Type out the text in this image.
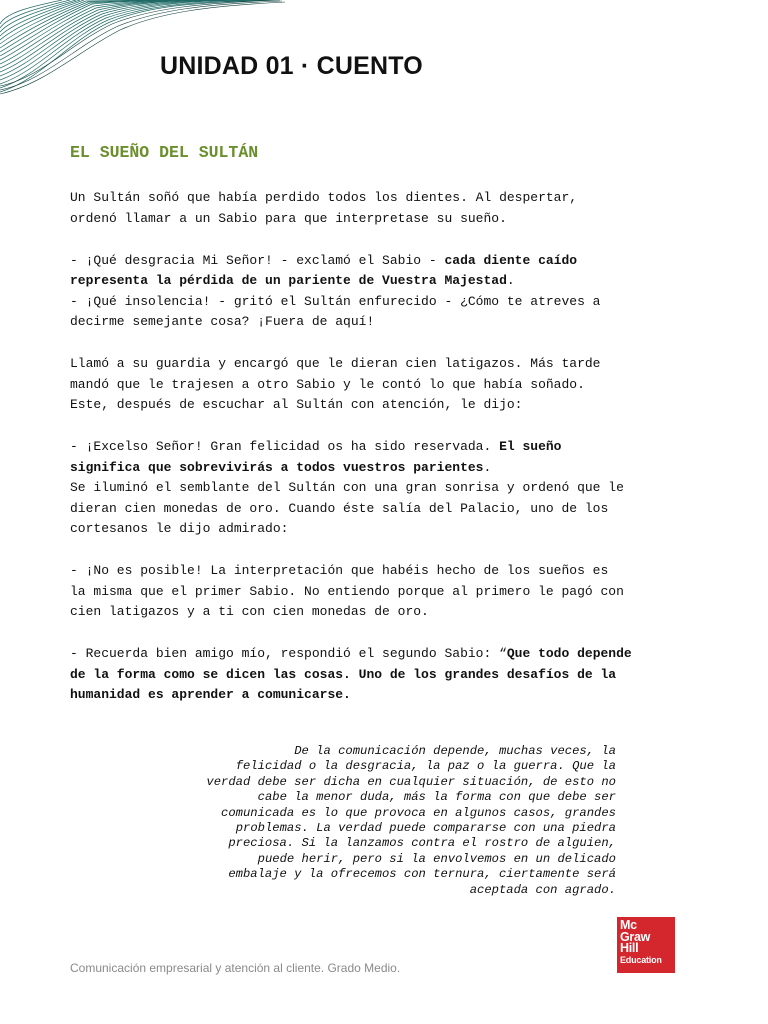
UNIDAD 01 · CUENTO
EL SUEÑO DEL SULTÁN

Un Sultán soñó que había perdido todos los dientes. Al despertar,
ordenó llamar a un Sabio para que interpretase su sueño.

- ¡Qué desgracia Mi Señor! - exclamó el Sabio - cada diente caído
representa la pérdida de un pariente de Vuestra Majestad.
- ¡Qué insolencia! - gritó el Sultán enfurecido - ¿Cómo te atreves a
decirme semejante cosa? ¡Fuera de aquí!

Llamó a su guardia y encargó que le dieran cien latigazos. Más tarde
mandó que le trajesen a otro Sabio y le contó lo que había soñado.
Este, después de escuchar al Sultán con atención, le dijo:

- ¡Excelso Señor! Gran felicidad os ha sido reservada. El sueño
significa que sobrevivirás a todos vuestros parientes.
Se iluminó el semblante del Sultán con una gran sonrisa y ordenó que le
dieran cien monedas de oro. Cuando éste salía del Palacio, uno de los
cortesanos le dijo admirado:

- ¡No es posible! La interpretación que habéis hecho de los sueños es
la misma que el primer Sabio. No entiendo porque al primero le pagó con
cien latigazos y a ti con cien monedas de oro.

- Recuerda bien amigo mío, respondió el segundo Sabio: “Que todo depende
de la forma como se dicen las cosas. Uno de los grandes desafíos de la
humanidad es aprender a comunicarse.

De la comunicación depende, muchas veces, la
felicidad o la desgracia, la paz o la guerra. Que la
verdad debe ser dicha en cualquier situación, de esto no
cabe la menor duda, más la forma con que debe ser
comunicada es lo que provoca en algunos casos, grandes
problemas. La verdad puede compararse con una piedra
preciosa. Si la lanzamos contra el rostro de alguien,
puede herir, pero si la envolvemos en un delicado
embalaje y la ofrecemos con ternura, ciertamente será
aceptada con agrado.
Comunicación empresarial y atención al cliente. Grado Medio.
Mc
Graw
Hill
Education
